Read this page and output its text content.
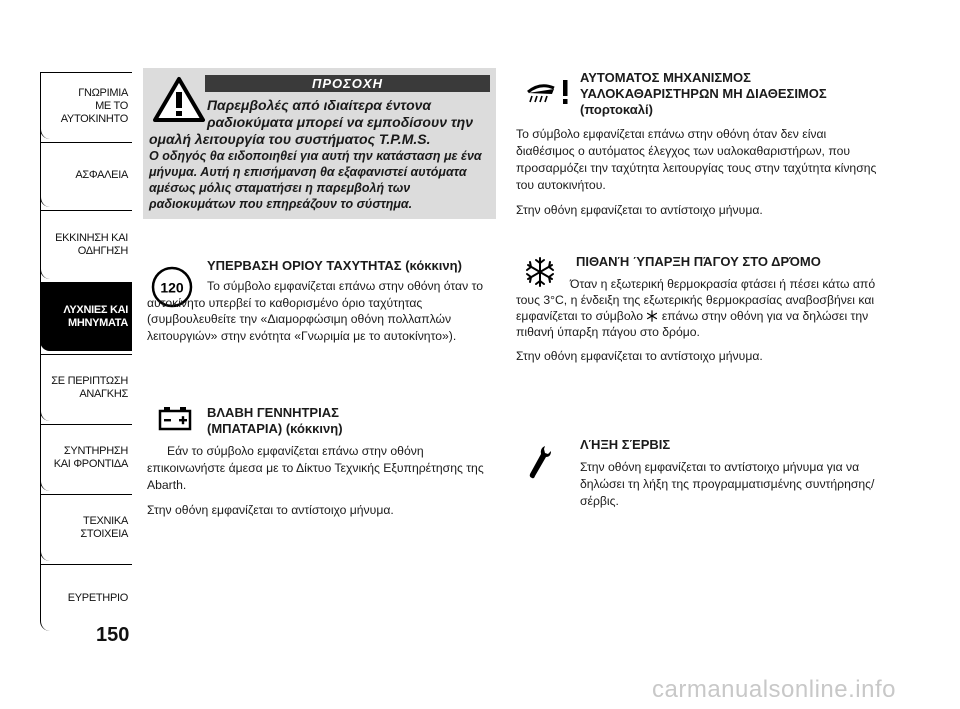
ΓΝΩΡΙΜΙΑ
ΜΕ ΤΟ
ΑΥΤΟΚΙΝΗΤΟ
ΑΣΦΑΛΕΙΑ
ΕΚΚΙΝΗΣΗ ΚΑΙ
ΟΔΗΓΗΣΗ
ΛΥΧΝΙΕΣ ΚΑΙ
ΜΗΝΥΜΑΤΑ
ΣΕ ΠΕΡΙΠΤΩΣΗ
ΑΝΑΓΚΗΣ
ΣΥΝΤΗΡΗΣΗ
ΚΑΙ ΦΡΟΝΤΙΔΑ
ΤΕΧΝΙΚΑ
ΣΤΟΙΧΕΙΑ
ΕΥΡΕΤΗΡΙΟ
150
ΠΡΟΣΟΧΗ
Παρεμβολές από ιδιαίτερα έντονα
ραδιοκύματα μπορεί να εμποδίσουν την
ομαλή λειτουργία του συστήματος T.P.M.S.
Ο οδηγός θα ειδοποιηθεί για αυτή την κατάσταση με ένα μήνυμα. Αυτή η επισήμανση θα εξαφανιστεί αυτόματα αμέσως μόλις σταματήσει η παρεμβολή των ραδιοκυμάτων που επηρεάζουν το σύστημα.
120
ΥΠΕΡΒΑΣΗ ΟΡΙΟΥ ΤΑΧΥΤΗΤΑΣ (κόκκινη)

Το σύμβολο εμφανίζεται επάνω στην οθόνη όταν το αυτοκίνητο υπερβεί το καθορισμένο όριο ταχύτητας (συμβουλευθείτε την «Διαμορφώσιμη οθόνη πολλαπλών λειτουργιών» στην ενότητα «Γνωριμία με το αυτοκίνητο»).

ΒΛΑΒΗ ΓΕΝΝΗΤΡΙΑΣ
(ΜΠΑΤΑΡΙΑ) (κόκκινη)

Εάν το σύμβολο εμφανίζεται επάνω στην οθόνη επικοινωνήστε άμεσα με το Δίκτυο Τεχνικής Εξυπηρέτησης της Abarth.

Στην οθόνη εμφανίζεται το αντίστοιχο μήνυμα.

ΑΥΤΟΜΑΤΟΣ ΜΗΧΑΝΙΣΜΟΣ
ΥΑΛΟΚΑΘΑΡΙΣΤΗΡΩΝ ΜΗ ΔΙΑΘΕΣΙΜΟΣ
(πορτοκαλί)

Το σύμβολο εμφανίζεται επάνω στην οθόνη όταν δεν είναι διαθέσιμος ο αυτόματος έλεγχος των υαλοκαθαριστήρων, που προσαρμόζει την ταχύτητα λειτουργίας τους στην ταχύτητα κίνησης του αυτοκινήτου.

Στην οθόνη εμφανίζεται το αντίστοιχο μήνυμα.

ΠΙΘΑΝΉ ΎΠΑΡΞΗ ΠΆΓΟΥ ΣΤΟ ΔΡΌΜΟ

Όταν η εξωτερική θερμοκρασία φτάσει ή πέσει κάτω από τους 3°C, η ένδειξη της εξωτερικής θερμοκρασίας αναβοσβήνει και εμφανίζεται το σύμβολο επάνω στην οθόνη για να δηλώσει την πιθανή ύπαρξη πάγου στο δρόμο.

Στην οθόνη εμφανίζεται το αντίστοιχο μήνυμα.

ΛΉΞΗ ΣΈΡΒΙΣ

Στην οθόνη εμφανίζεται το αντίστοιχο μήνυμα για να δηλώσει τη λήξη της προγραμματισμένης συντήρησης/σέρβις.

carmanualsonline.info
